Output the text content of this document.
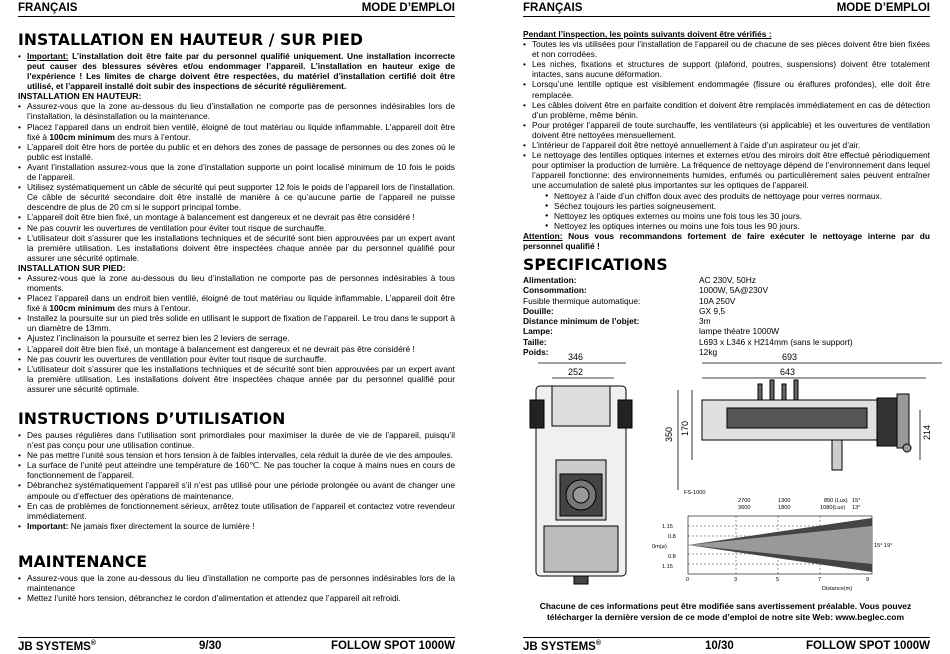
FRANÇAIS	MODE D’EMPLOI
INSTALLATION EN HAUTEUR / SUR PIED
• Important: L’installation doit être faite par du personnel qualifié uniquement. Une installation incorrecte peut causer des blessures sévères et/ou endommager l’appareil. L’installation en hauteur exige de l’expérience ! Les limites de charge doivent être respectées, du matériel d’installation certifié doit être utilisé, et l’appareil installé doit subir des inspections de sécurité régulièrement.
INSTALLATION EN HAUTEUR:
• Assurez-vous que la zone au-dessous du lieu d’installation ne comporte pas de personnes indésirables lors de l’installation, la désinstallation ou la maintenance.
• Placez l’appareil dans un endroit bien ventilé, éloigné de tout matériau ou liquide inflammable. L’appareil doit être fixé à 100cm minimum des murs à l’entour.
• L’appareil doit être hors de portée du public et en dehors des zones de passage de personnes ou des zones où le public est installé.
• Avant l’installation assurez-vous que la zone d’installation supporte un point localisé minimum de 10 fois le poids de l’appareil.
• Utilisez systématiquement un câble de sécurité qui peut supporter 12 fois le poids de l’appareil lors de l’installation. Ce câble de sécurité secondaire doit être installé de manière à ce qu’aucune partie de l’appareil ne puisse descendre de plus de 20 cm si le support principal tombe.
• L’appareil doit être bien fixé, un montage à balancement est dangereux et ne devrait pas être considéré !
• Ne pas couvrir les ouvertures de ventilation pour éviter tout risque de surchauffe.
• L’utilisateur doit s’assurer que les installations techniques et de sécurité sont bien approuvées par un expert avant la première utilisation. Les installations doivent être inspectées chaque année par du personnel qualifié pour assurer une sécurité optimale.
INSTALLATION SUR PIED:
• Assurez-vous que la zone au-dessous du lieu d’installation ne comporte pas de personnes indésirables à tous moments.
• Placez l’appareil dans un endroit bien ventilé, éloigné de tout matériau ou liquide inflammable. L’appareil doit être fixé à 100cm minimum des murs à l’entour.
• Installez la poursuite sur un pied très solide en utilisant le support de fixation de l’appareil. Le trou dans le support à un diamètre de 13mm.
• Ajustez l’inclinaison la poursuite et serrez bien les 2 leviers de serrage.
• L’appareil doit être bien fixé, un montage à balancement est dangereux et ne devrait pas être considéré !
• Ne pas couvrir les ouvertures de ventilation pour éviter tout risque de surchauffe.
• L’utilisateur doit s’assurer que les installations techniques et de sécurité sont bien approuvées par un expert avant la première utilisation. Les installations doivent être inspectées chaque année par du personnel qualifié pour assurer une sécurité optimale.
INSTRUCTIONS D’UTILISATION
• Des pauses régulières dans l’utilisation sont primordiales pour maximiser la durée de vie de l’appareil, puisqu’il n’est pas conçu pour une utilisation continue.
• Ne pas mettre l’unité sous tension et hors tension à de faibles intervalles, cela réduit la durée de vie des ampoules.
• La surface de l’unité peut atteindre une température de 160℃. Ne pas toucher la coque à mains nues en cours de fonctionnement de l’appareil.
• Débranchez systématiquement l’appareil s’il n’est pas utilisé pour une période prolongée ou avant de changer une ampoule ou d’effectuer des opérations de maintenance.
• En cas de problèmes de fonctionnement sérieux, arrêtez toute utilisation de l’appareil et contactez votre revendeur immédiatement.
• Important: Ne jamais fixer directement la source de lumière !
MAINTENANCE
• Assurez-vous que la zone au-dessous du lieu d’installation ne comporte pas de personnes indésirables lors de la maintenance
• Mettez l’unité hors tension, débranchez le cordon d’alimentation et attendez que l’appareil ait refroidi.
JB SYSTEMS®	9/30	FOLLOW SPOT 1000W
FRANÇAIS	MODE D’EMPLOI
Pendant l’inspection, les points suivants doivent être vérifiés :
• Toutes les vis utilisées pour l’installation de l’appareil ou de chacune de ses pièces doivent être bien fixées et non corrodées.
• Les niches, fixations et structures de support (plafond, poutres, suspensions) doivent être totalement intactes, sans aucune déformation.
• Lorsqu’une lentille optique est visiblement endommagée (fissure ou éraflures profondes), elle doit être remplacée.
• Les câbles doivent être en parfaite condition et doivent être remplacés immédiatement en cas de détection d’un problème, même bénin.
• Pour protéger l’appareil de toute surchauffe, les ventilateurs (si applicable) et les ouvertures de ventilation doivent être nettoyées mensuellement.
• L’intérieur de l’appareil doit être nettoyé annuellement à l’aide d’un aspirateur ou jet d’air.
• Le nettoyage des lentilles optiques internes et externes et/ou des miroirs doit être effectué périodiquement pour optimiser la production de lumière. La fréquence de nettoyage dépend de l’environnement dans lequel l’appareil fonctionne: des environnements humides, enfumés ou particulièrement sales peuvent entraîner une accumulation de saleté plus importantes sur les optiques de l’appareil.
● Nettoyez à l’aide d’un chiffon doux avec des produits de nettoyage pour verres normaux.
● Séchez toujours les parties soigneusement.
● Nettoyez les optiques externes ou moins une fois tous les 30 jours.
● Nettoyez les optiques internes ou moins une fois tous les 90 jours.
Attention: Nous vous recommandons fortement de faire exécuter le nettoyage interne par du personnel qualifié !
SPECIFICATIONS
Alimentation:	AC 230V, 50Hz
Consommation:	1000W, 5A@230V
Fusible thermique automatique:	10A 250V
Douille:	GX 9,5
Distance minimum de l’objet:	3m
Lampe:	lampe théatre 1000W
Taille:	L693 x L346 x H214mm (sans le support)
Poids:	12kg
346
252
693
643
350 170	214
FS-1000
2700	1300	850 (Lux)
3600	1800	1080(Lux)
15°
13°
1.15
0.8
0m(⌀)
0.8
1.15
0	3	5	7	9
Distance(m)
15° 19°
Chacune de ces informations peut être modifiée sans avertissement préalable. Vous pouvez télécharger la dernière version de ce mode d’emploi de notre site Web: www.beglec.com
JB SYSTEMS®	10/30	FOLLOW SPOT 1000W
